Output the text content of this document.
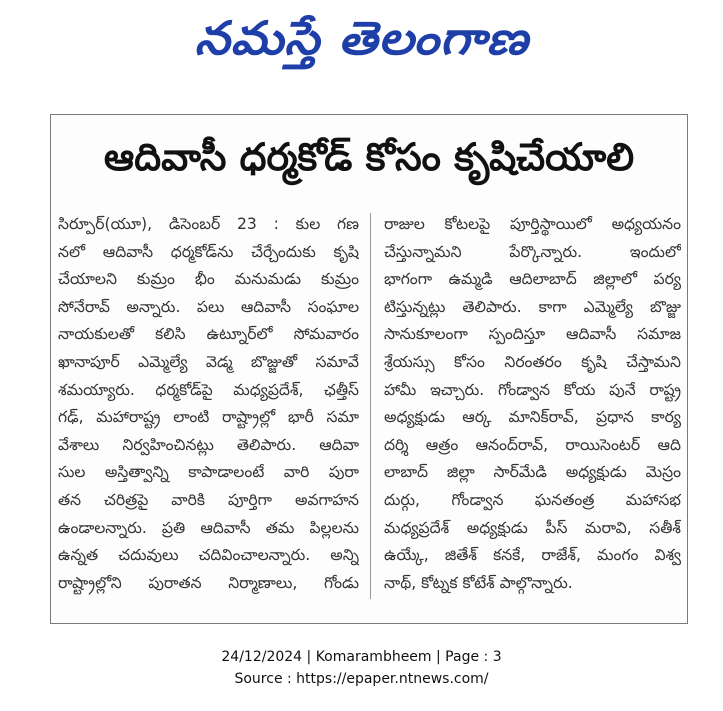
నమస్తే తెలంగాణ
ఆదివాసీ ధర్మకోడ్ కోసం కృషిచేయాలి
సిర్పూర్(యూ), డిసెంబర్ 23 : కుల గణ
నలో ఆదివాసీ ధర్మకోడ్‌ను చేర్చేందుకు కృషి
చేయాలని కుమ్రం భీం మనుమడు కుమ్రం
సోనేరావ్ అన్నారు. పలు ఆదివాసీ సంఘాల
నాయకులతో కలిసి ఉట్నూర్‌లో సోమవారం
ఖానాపూర్ ఎమ్మెల్యే వెడ్మ బొజ్జుతో సమావే
శమయ్యారు. ధర్మకోడ్‌పై మధ్యప్రదేశ్, ఛత్తీస్
గఢ్, మహారాష్ట్ర లాంటి రాష్ట్రాల్లో భారీ సమా
వేశాలు నిర్వహించినట్లు తెలిపారు. ఆదివా
సుల అస్తిత్వాన్ని కాపాడాలంటే వారి పురా
తన చరిత్రపై వారికి పూర్తిగా అవగాహన
ఉండాలన్నారు. ప్రతి ఆదివాసీ తమ పిల్లలను
ఉన్నత చదువులు చదివించాలన్నారు. అన్ని
రాష్ట్రాల్లోని పురాతన నిర్మాణాలు, గోండు
రాజుల కోటలపై పూర్తిస్థాయిలో అధ్యయనం
చేస్తున్నామని పేర్కొన్నారు. ఇందులో
భాగంగా ఉమ్మడి ఆదిలాబాద్ జిల్లాలో పర్య
టిస్తున్నట్లు తెలిపారు. కాగా ఎమ్మెల్యే బొజ్జు
సానుకూలంగా స్పందిస్తూ ఆదివాసీ సమాజ
శ్రేయస్సు కోసం నిరంతరం కృషి చేస్తామని
హామీ ఇచ్చారు. గోండ్వాన కోయ పునే రాష్ట్ర
అధ్యక్షుడు ఆర్క మానిక్‌రావ్, ప్రధాన కార్య
దర్శి ఆత్రం ఆనంద్‌రావ్, రాయిసెంటర్ ఆది
లాబాద్ జిల్లా సార్‌మేడి అధ్యక్షుడు మెస్రం
దుర్గు, గోండ్వాన ఘనతంత్ర మహాసభ
మధ్యప్రదేశ్ అధ్యక్షుడు పీస్ మరావి, సతీశ్
ఉయ్కే, జితేశ్ కనకే, రాజేశ్, మంగం విశ్వ
నాథ్, కోట్నక కోటేశ్ పాల్గొన్నారు.
24/12/2024 | Komarambheem | Page : 3
Source : https://epaper.ntnews.com/
